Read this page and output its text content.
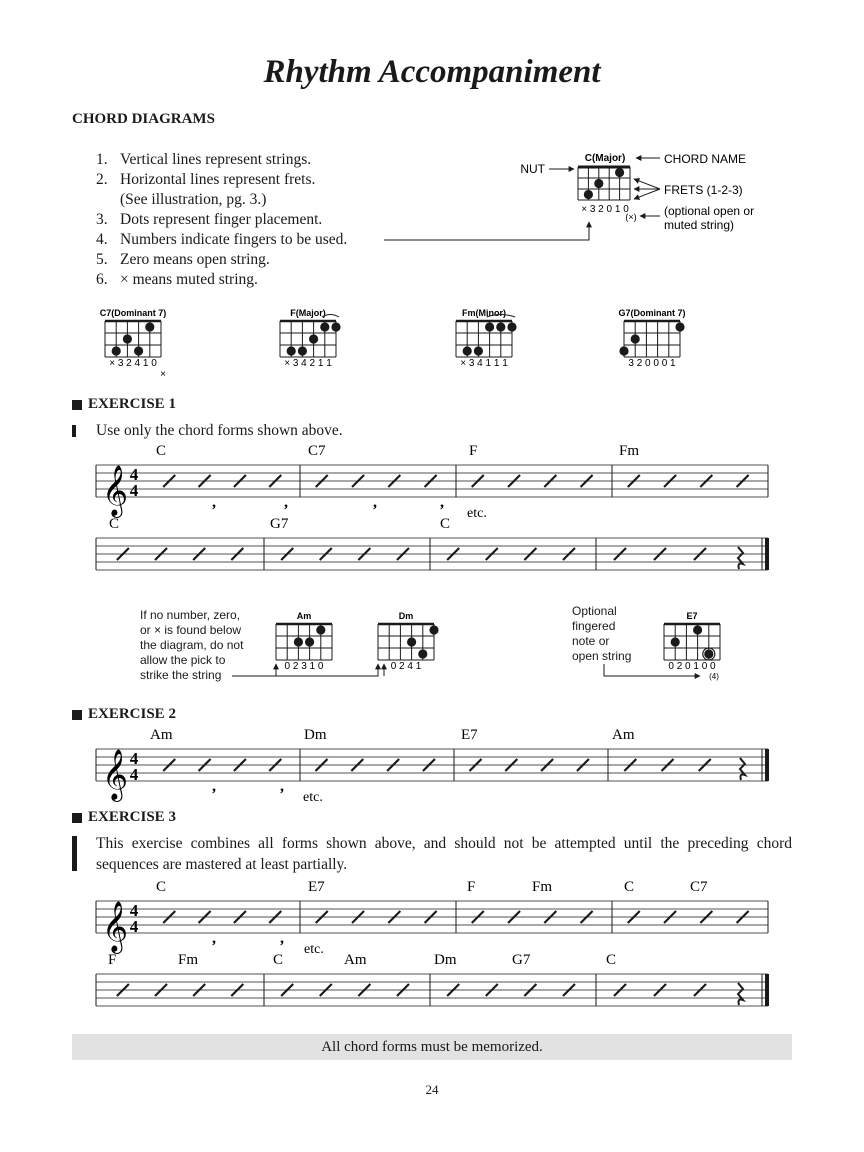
Rhythm Accompaniment
CHORD DIAGRAMS
1. Vertical lines represent strings.
2. Horizontal lines represent frets.
(See illustration, pg. 3.)
3. Dots represent finger placement.
4. Numbers indicate fingers to be used.
5. Zero means open string.
6. × means muted string.
C(Major)
NUT
CHORD NAME
FRETS (1-2-3)
× 3 2 0 1 0
(×) (optional open or
muted string)
C7(Dominant 7)
× 3 2 4 1 0
×
F(Major)
× 3 4 2 1 1
Fm(Minor)
× 3 4 1 1 1
G7(Dominant 7)
3 2 0 0 0 1
𝄞 4
4
,	,	,	,
etc.
C	C7	F	Fm
C	G7	C
𝄞 4
4
,	,
etc.
Am	Dm	E7	Am
𝄞 4
4
,	,
etc.
C	E7	F	Fm	C	C7
F	Fm	C	Am	Dm	G7	C
Am
0 2 3 1 0
Dm
0 2 4 1
E7
0 2 0 1 0 0
(4)
If no number, zero,
or × is found below
the diagram, do not
allow the pick to
strike the string
Optional
fingered
note or
open string
EXERCISE 1
Use only the chord forms shown above.
EXERCISE 2
EXERCISE 3
This exercise combines all forms shown above, and should not be attempted until the preceding chord sequences are mastered at least partially.
All chord forms must be memorized.
24
